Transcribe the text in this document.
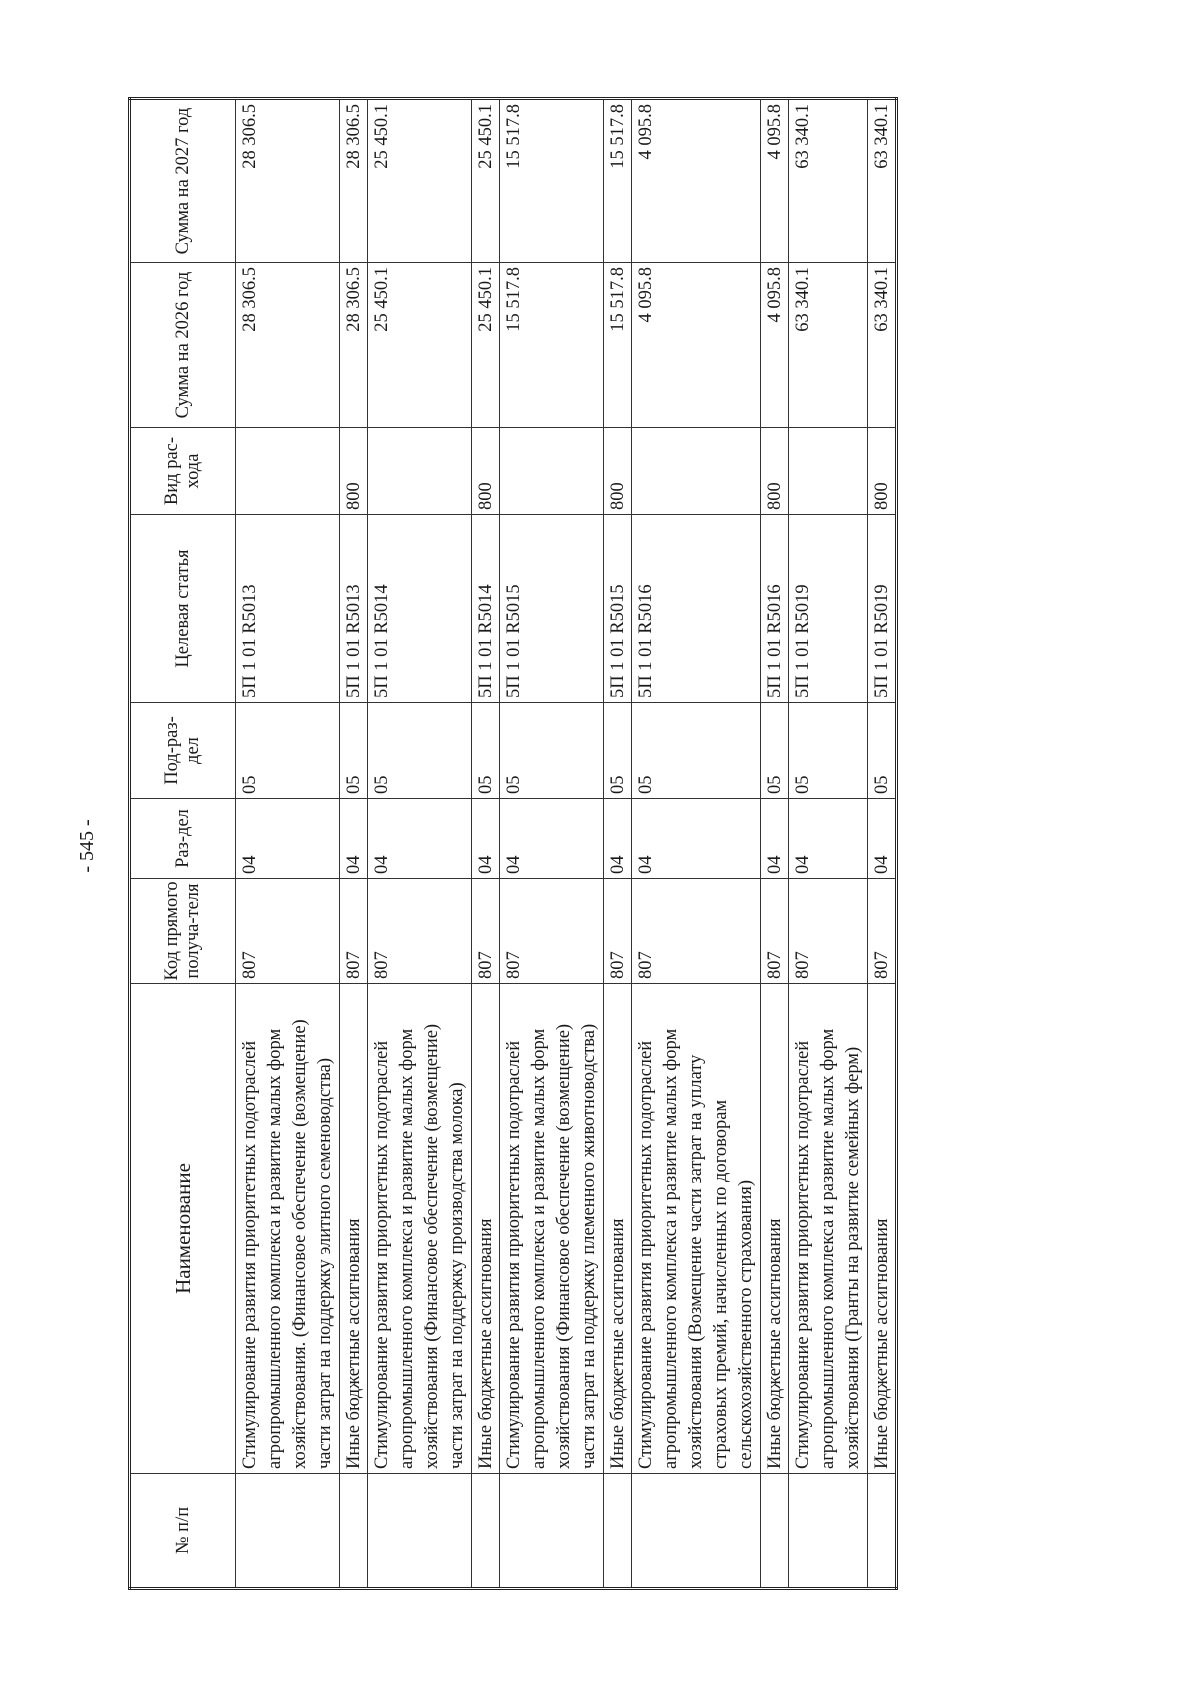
- 545 -
№ п/п	Наименование	Код прямого получа-теля	Раз-дел	Под-раз-дел	Целевая статья	Вид рас-хода	Сумма на 2026 год	Сумма на 2027 год
	Стимулирование развития приоритетных подотраслей агропромышленного комплекса и развитие малых форм хозяйствования. (Финансовое обеспечение (возмещение) части затрат на поддержку элитного семеноводства)	807	04	05	5П 1 01 R5013		28 306.5	28 306.5
	Иные бюджетные ассигнования	807	04	05	5П 1 01 R5013	800	28 306.5	28 306.5
	Стимулирование развития приоритетных подотраслей агропромышленного комплекса и развитие малых форм хозяйствования (Финансовое обеспечение (возмещение) части затрат на поддержку производства молока)	807	04	05	5П 1 01 R5014		25 450.1	25 450.1
	Иные бюджетные ассигнования	807	04	05	5П 1 01 R5014	800	25 450.1	25 450.1
	Стимулирование развития приоритетных подотраслей агропромышленного комплекса и развитие малых форм хозяйствования (Финансовое обеспечение (возмещение) части затрат на поддержку племенного животноводства)	807	04	05	5П 1 01 R5015		15 517.8	15 517.8
	Иные бюджетные ассигнования	807	04	05	5П 1 01 R5015	800	15 517.8	15 517.8
	Стимулирование развития приоритетных подотраслей агропромышленного комплекса и развитие малых форм хозяйствования (Возмещение части затрат на уплату страховых премий, начисленных по договорам сельскохозяйственного страхования)	807	04	05	5П 1 01 R5016		4 095.8	4 095.8
	Иные бюджетные ассигнования	807	04	05	5П 1 01 R5016	800	4 095.8	4 095.8
	Стимулирование развития приоритетных подотраслей агропромышленного комплекса и развитие малых форм хозяйствования (Гранты на развитие семейных ферм)	807	04	05	5П 1 01 R5019		63 340.1	63 340.1
	Иные бюджетные ассигнования	807	04	05	5П 1 01 R5019	800	63 340.1	63 340.1
